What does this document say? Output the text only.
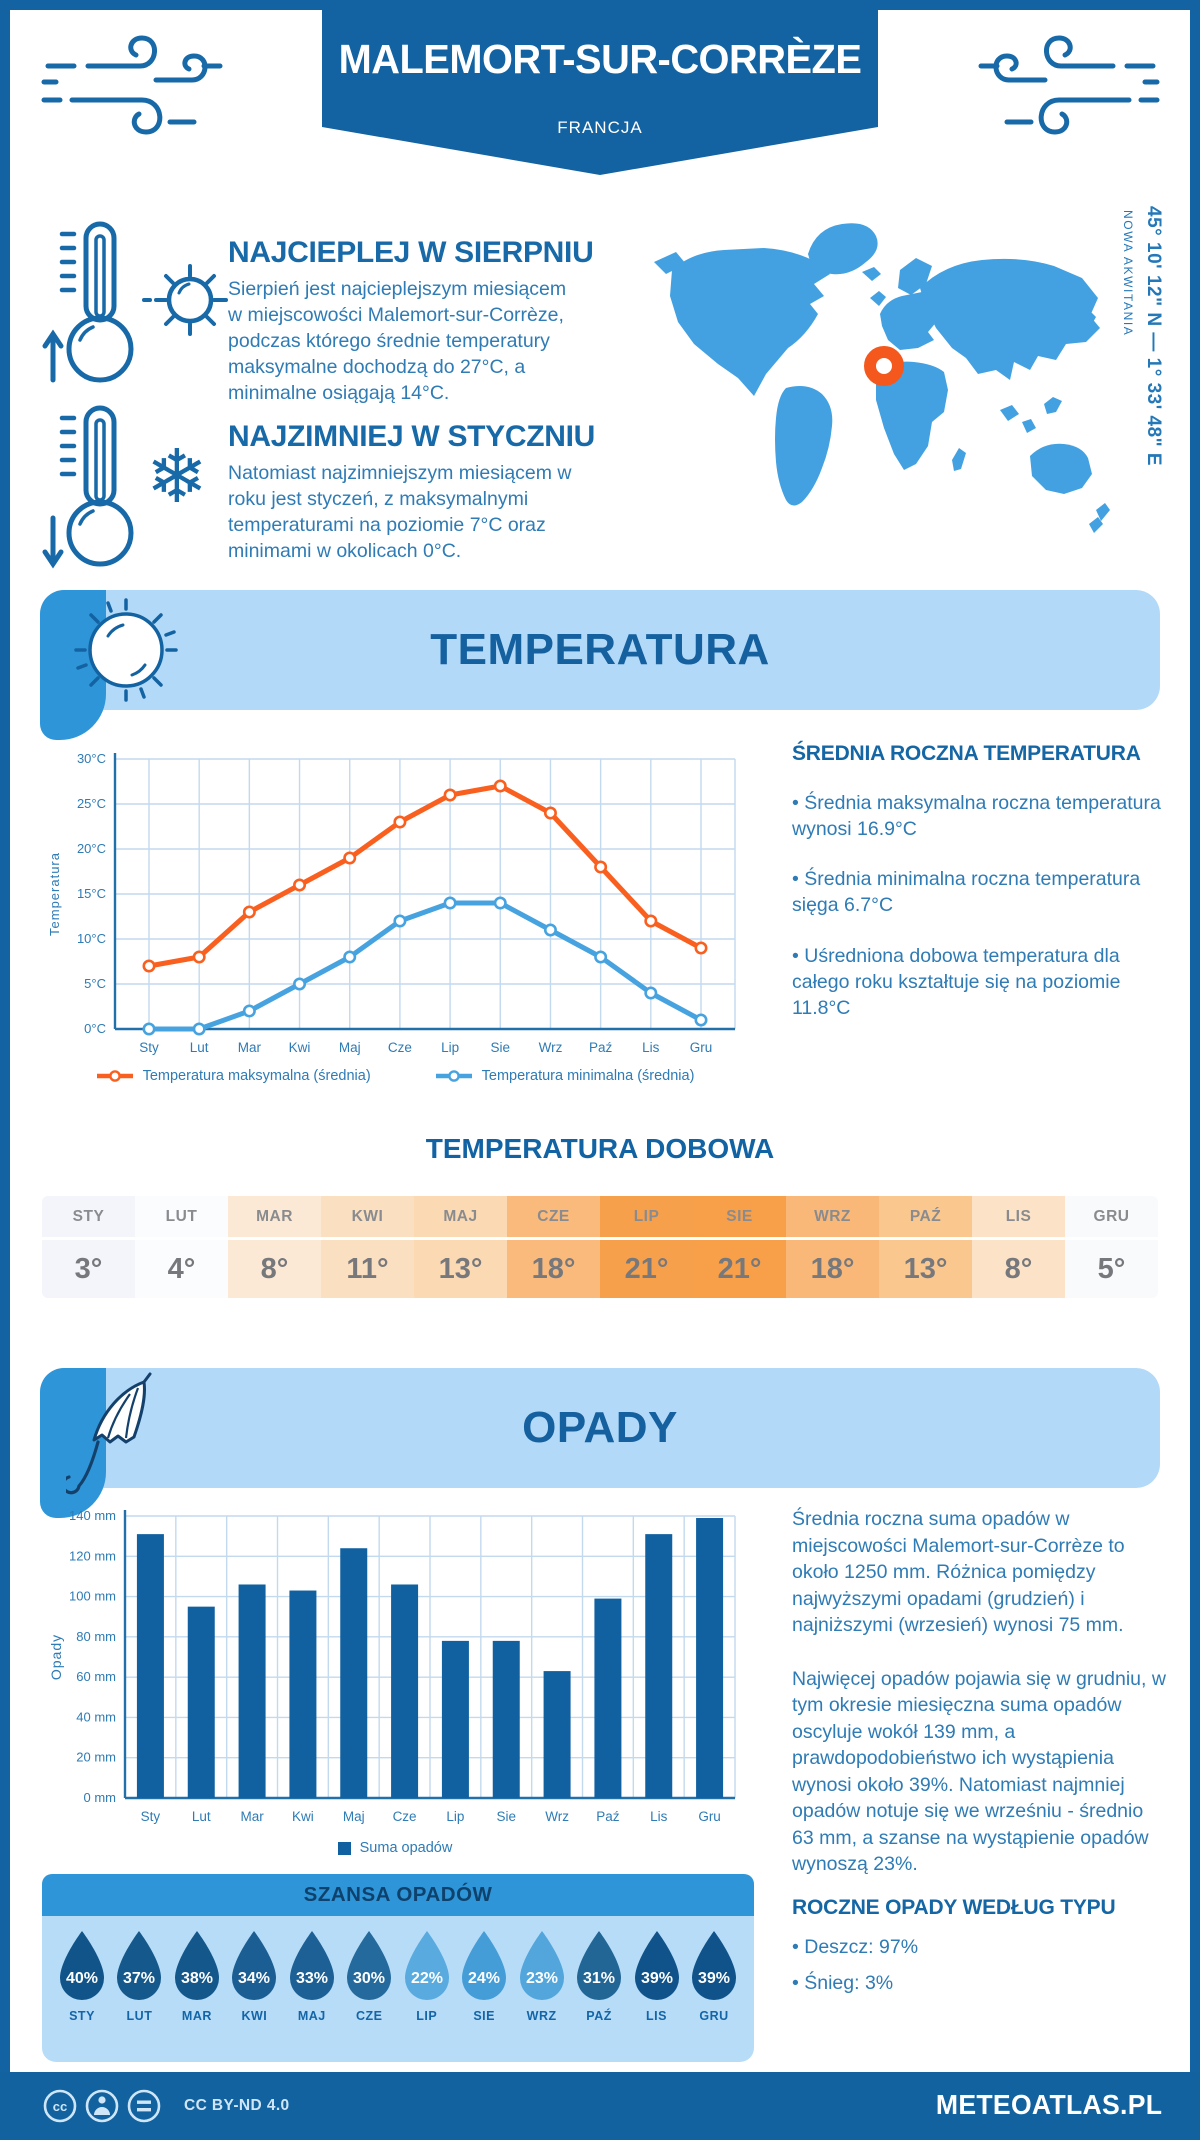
MALEMORT-SUR-CORRÈZE
FRANCJA
NAJCIEPLEJ W SIERPNIU
Sierpień jest najcieplejszym miesiącem w miejscowości Malemort-sur-Corrèze, podczas którego średnie temperatury maksymalne dochodzą do 27°C, a minimalne osiągają 14°C.
❄ NAJZIMNIEJ W STYCZNIU
Natomiast najzimniejszym miesiącem w roku jest styczeń, z maksymalnymi temperaturami na poziomie 7°C oraz minimami w okolicach 0°C.
45° 10' 12" N — 1° 33' 48" E
NOWA AKWITANIA
TEMPERATURA
0°C
5°C
10°C
15°C
20°C
25°C
30°C
Sty Lut Mar Kwi Maj Cze Lip Sie Wrz Paź Lis Gru
Temperatura
Temperatura maksymalna (średnia)	Temperatura minimalna (średnia)
ŚREDNIA ROCZNA TEMPERATURA
• Średnia maksymalna roczna temperatura wynosi 16.9°C
• Średnia minimalna roczna temperatura sięga 6.7°C
• Uśredniona dobowa temperatura dla całego roku kształtuje się na poziomie 11.8°C
TEMPERATURA DOBOWA
STY
3°
LUT
4°
MAR
8°
KWI
11°
MAJ
13°
CZE
18°
LIP
21°
SIE
21°
WRZ
18°
PAŹ
13°
LIS
8°
GRU
5°
OPADY
0 mm
20 mm
40 mm
60 mm
80 mm
100 mm
120 mm
140 mm
Sty Lut Mar Kwi Maj Cze Lip Sie Wrz Paź Lis Gru
Opady
Suma opadów
Średnia roczna suma opadów w miejscowości Malemort-sur-Corrèze to około 1250 mm. Różnica pomiędzy najwyższymi opadami (grudzień) i najniższymi (wrzesień) wynosi 75 mm.
Najwięcej opadów pojawia się w grudniu, w tym okresie miesięczna suma opadów oscyluje wokół 139 mm, a prawdopodobieństwo ich wystąpienia wynosi około 39%. Natomiast najmniej opadów notuje się we wrześniu - średnio 63 mm, a szanse na wystąpienie opadów wynoszą 23%.
SZANSA OPADÓW
40%
STY
37%
LUT
38%
MAR
34%
KWI
33%
MAJ
30%
CZE
22%
LIP
24%
SIE
23%
WRZ
31%
PAŹ
39%
LIS
39%
GRU
ROCZNE OPADY WEDŁUG TYPU
• Deszcz: 97%
• Śnieg: 3%
cc	CC BY-ND 4.0	METEOATLAS.PL
